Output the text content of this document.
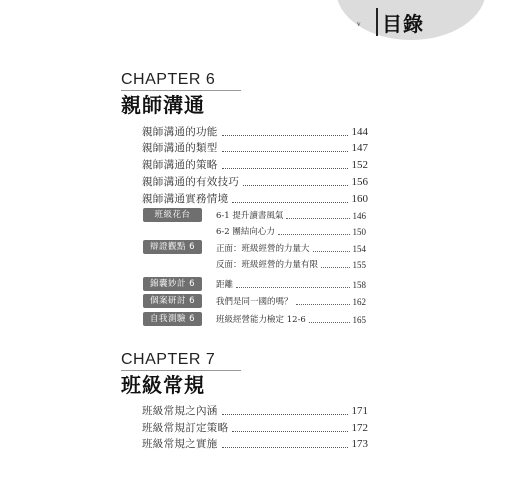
v 目錄
CHAPTER 6
親師溝通
親師溝通的功能	144
親師溝通的類型	147
親師溝通的策略	152
親師溝通的有效技巧	156
親師溝通實務情境	160
班級花台	6-1 提升讀書風氣	146
6-2 團結向心力	150
辯證觀點 6	正面：班級經營的力量大	154
反面：班級經營的力量有限	155
錦囊妙計 6	距離	158
個案研討 6	我們是同一國的嗎？	162
自我測驗 6	班級經營能力檢定 12-6	165
CHAPTER 7
班級常規
班級常規之內涵	171
班級常規訂定策略	172
班級常規之實施	173
